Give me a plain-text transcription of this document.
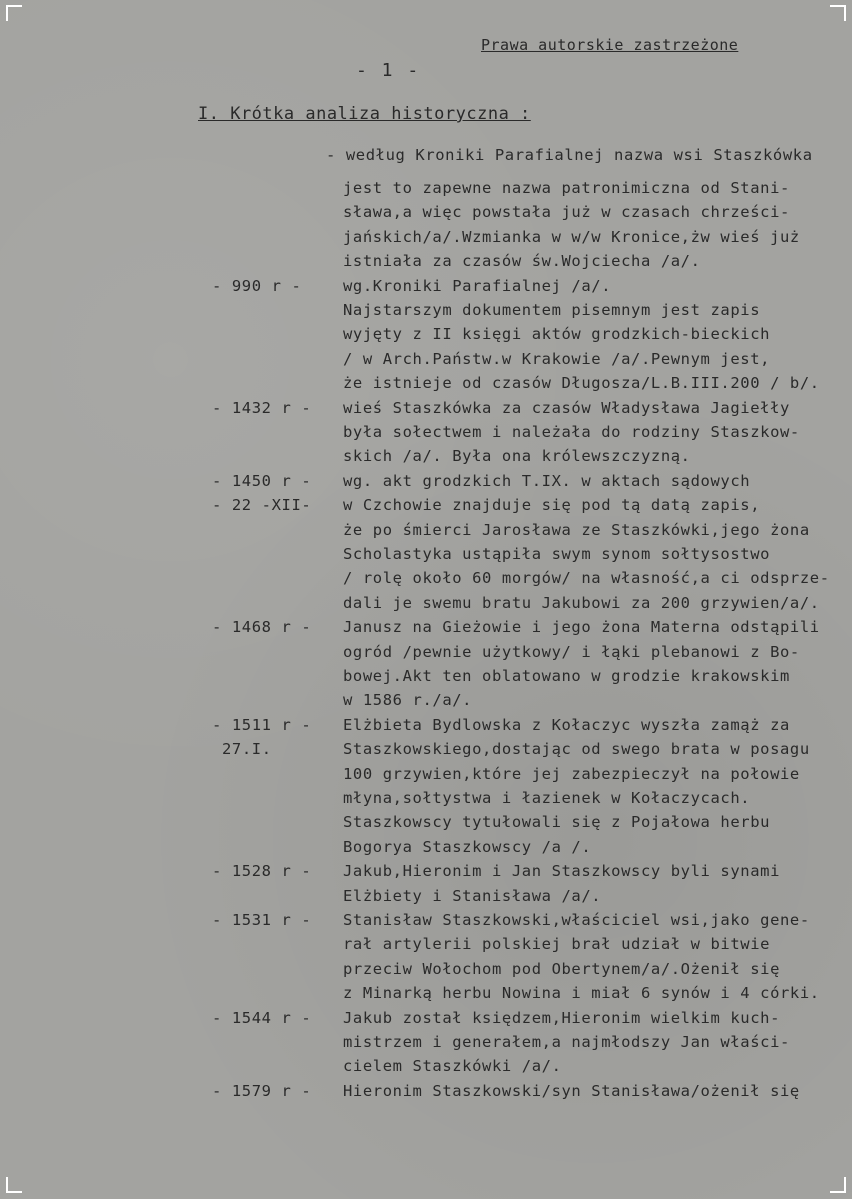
Prawa autorskie zastrzeżone
- 1 -
I. Krótka analiza historyczna :
- według Kroniki Parafialnej nazwa wsi Staszkówka
jest to zapewne nazwa patronimiczna od Stani-
sława,a więc powstała już w czasach chrześci-
jańskich/a/.Wzmianka w w/w Kronice,żw wieś już
istniała za czasów św.Wojciecha /a/.
- 990 r -	wg.Kroniki Parafialnej /a/.
Najstarszym dokumentem pisemnym jest zapis
wyjęty z II księgi aktów grodzkich-bieckich
/ w Arch.Państw.w Krakowie /a/.Pewnym jest,
że istnieje od czasów Długosza/L.B.III.200 / b/.
- 1432 r - wieś Staszkówka za czasów Władysława Jagiełły
była sołectwem i należała do rodziny Staszkow-
skich /a/. Była ona królewszczyzną.
- 1450 r -
- 22 -XII-
wg. akt grodzkich T.IX. w aktach sądowych
w Czchowie znajduje się pod tą datą zapis,
że po śmierci Jarosława ze Staszkówki,jego żona
Scholastyka ustąpiła swym synom sołtysostwo
/ rolę około 60 morgów/ na własność,a ci odsprze-
dali je swemu bratu Jakubowi za 200 grzywien/a/.
- 1468 r - Janusz na Gieżowie i jego żona Materna odstąpili
ogród /pewnie użytkowy/ i łąki plebanowi z Bo-
bowej.Akt ten oblatowano w grodzie krakowskim
w 1586 r./a/.
- 1511 r -
27.I.
Elżbieta Bydlowska z Kołaczyc wyszła zamąż za
Staszkowskiego,dostając od swego brata w posagu
100 grzywien,które jej zabezpieczył na połowie
młyna,sołtystwa i łazienek w Kołaczycach.
Staszkowscy tytułowali się z Pojałowa herbu
Bogorya Staszkowscy /a /.
- 1528 r - Jakub,Hieronim i Jan Staszkowscy byli synami
Elżbiety i Stanisława /a/.
- 1531 r - Stanisław Staszkowski,właściciel wsi,jako gene-
rał artylerii polskiej brał udział w bitwie
przeciw Wołochom pod Obertynem/a/.Ożenił się
z Minarką herbu Nowina i miał 6 synów i 4 córki.
- 1544 r - Jakub został księdzem,Hieronim wielkim kuch-
mistrzem i generałem,a najmłodszy Jan właści-
cielem Staszkówki /a/.
- 1579 r - Hieronim Staszkowski/syn Stanisława/ożenił się
